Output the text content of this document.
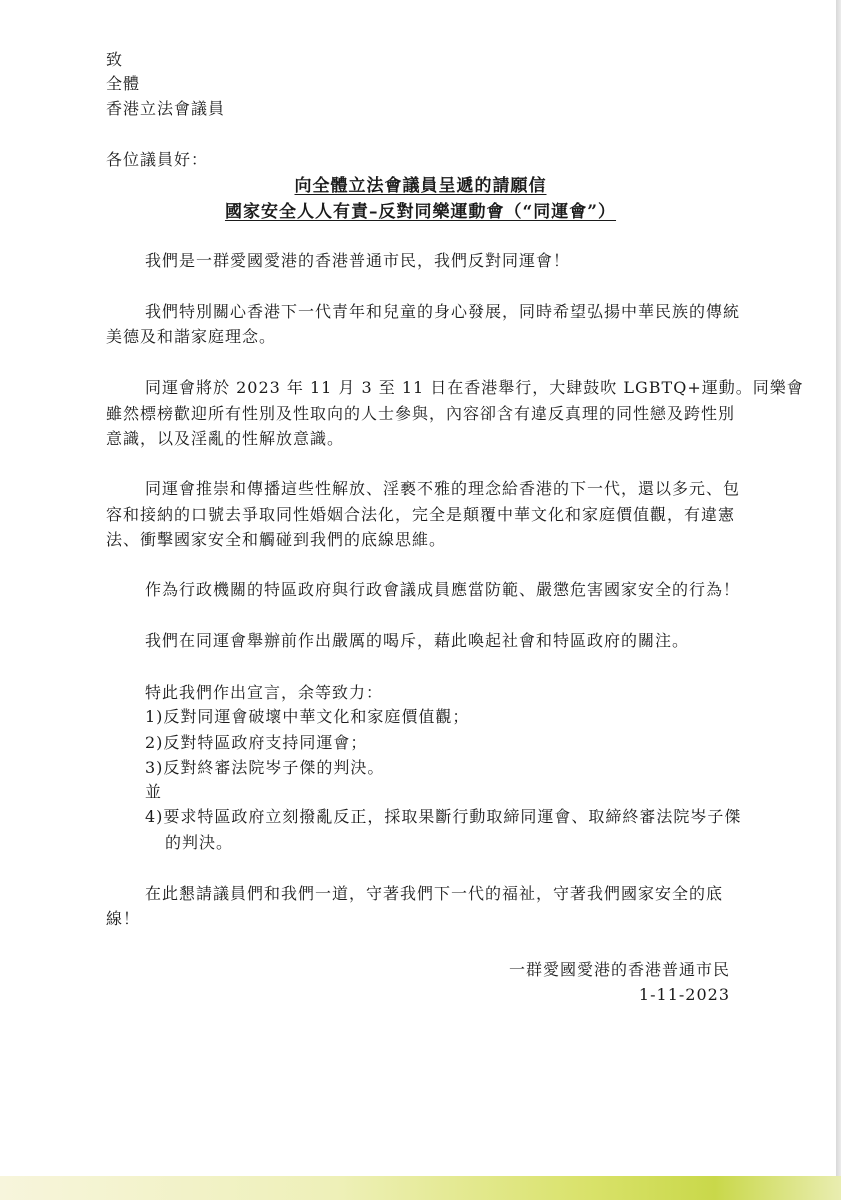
致
全體
香港立法會議員
各位議員好：
向全體立法會議員呈遞的請願信
國家安全人人有責–反對同樂運動會（“同運會”）
我們是一群愛國愛港的香港普通市民，我們反對同運會！
我們特別關心香港下一代青年和兒童的身心發展，同時希望弘揚中華民族的傳統
美德及和諧家庭理念。
同運會將於 2023 年 11 月 3 至 11 日在香港舉行，大肆鼓吹 LGBTQ+運動。同樂會
雖然標榜歡迎所有性別及性取向的人士參與，內容卻含有違反真理的同性戀及跨性別
意識，以及淫亂的性解放意識。
同運會推崇和傳播這些性解放、淫褻不雅的理念給香港的下一代，還以多元、包
容和接納的口號去爭取同性婚姻合法化，完全是顛覆中華文化和家庭價值觀，有違憲
法、衝擊國家安全和觸碰到我們的底線思維。
作為行政機關的特區政府與行政會議成員應當防範、嚴懲危害國家安全的行為！
我們在同運會舉辦前作出嚴厲的喝斥，藉此喚起社會和特區政府的關注。
特此我們作出宣言，余等致力：
1)反對同運會破壞中華文化和家庭價值觀；
2)反對特區政府支持同運會；
3)反對終審法院岑子傑的判決。
並
4)要求特區政府立刻撥亂反正，採取果斷行動取締同運會、取締終審法院岑子傑
的判決。
在此懇請議員們和我們一道，守著我們下一代的福祉，守著我們國家安全的底
線！
一群愛國愛港的香港普通市民
1-11-2023
